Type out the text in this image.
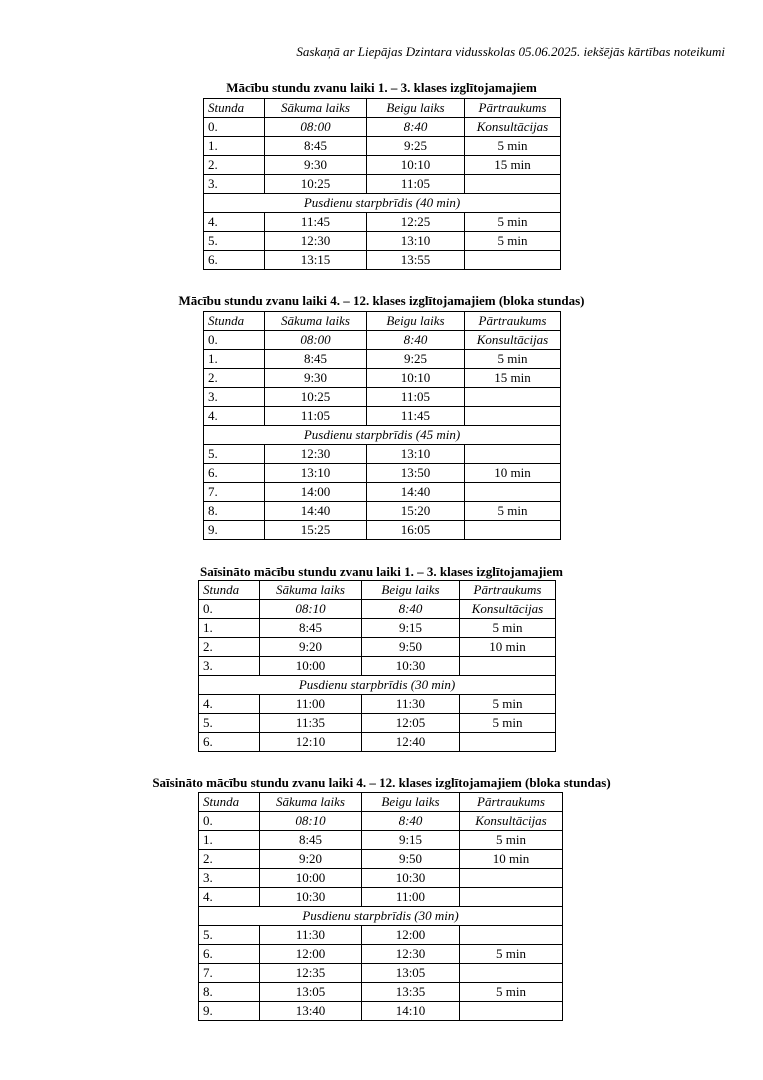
Saskaņā ar Liepājas Dzintara vidusskolas 05.06.2025. iekšējās kārtības noteikumi
Mācību stundu zvanu laiki 1. – 3. klases izglītojamajiem
Stunda	Sākuma laiks	Beigu laiks	Pārtraukums
0.	08:00	8:40	Konsultācijas
1.	8:45	9:25	5 min
2.	9:30	10:10	15 min
3.	10:25	11:05	
Pusdienu starpbrīdis (40 min)			
4.	11:45	12:25	5 min
5.	12:30	13:10	5 min
6.	13:15	13:55	
Mācību stundu zvanu laiki 4. – 12. klases izglītojamajiem (bloka stundas)
Stunda	Sākuma laiks	Beigu laiks	Pārtraukums
0.	08:00	8:40	Konsultācijas
1.	8:45	9:25	5 min
2.	9:30	10:10	15 min
3.	10:25	11:05	
4.	11:05	11:45	
Pusdienu starpbrīdis (45 min)			
5.	12:30	13:10	
6.	13:10	13:50	10 min
7.	14:00	14:40	
8.	14:40	15:20	5 min
9.	15:25	16:05	
Saīsināto mācību stundu zvanu laiki 1. – 3. klases izglītojamajiem
Stunda	Sākuma laiks	Beigu laiks	Pārtraukums
0.	08:10	8:40	Konsultācijas
1.	8:45	9:15	5 min
2.	9:20	9:50	10 min
3.	10:00	10:30	
Pusdienu starpbrīdis (30 min)			
4.	11:00	11:30	5 min
5.	11:35	12:05	5 min
6.	12:10	12:40	
Saīsināto mācību stundu zvanu laiki 4. – 12. klases izglītojamajiem (bloka stundas)
Stunda	Sākuma laiks	Beigu laiks	Pārtraukums
0.	08:10	8:40	Konsultācijas
1.	8:45	9:15	5 min
2.	9:20	9:50	10 min
3.	10:00	10:30	
4.	10:30	11:00	
Pusdienu starpbrīdis (30 min)			
5.	11:30	12:00	
6.	12:00	12:30	5 min
7.	12:35	13:05	
8.	13:05	13:35	5 min
9.	13:40	14:10	
